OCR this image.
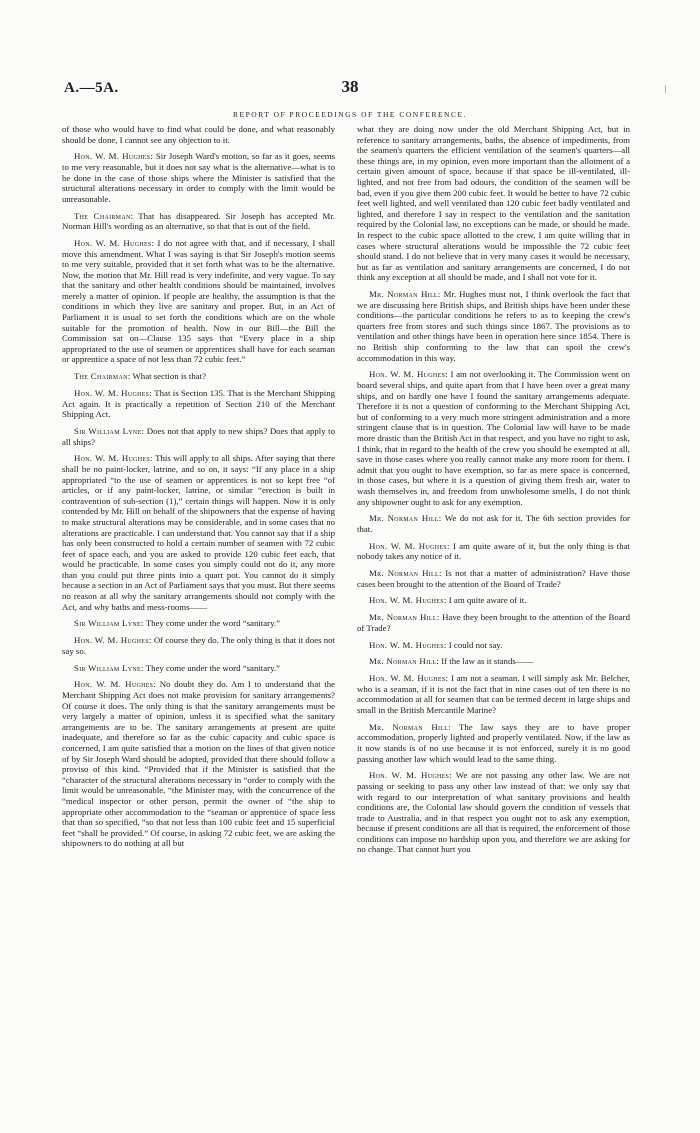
A.—5A.	38	/
REPORT OF PROCEEDINGS OF THE CONFERENCE.

of those who would have to find what could be done, and what reasonably should be done, I cannot see any objection to it.

Hon. W. M. Hughes: Sir Joseph Ward's motion, so far as it goes, seems to me very reasonable, but it does not say what is the alternative—what is to be done in the case of those ships where the Minister is satisfied that the structural alterations necessary in order to comply with the limit would be unreasonable.

The Chairman: That has disappeared. Sir Joseph has accepted Mr. Norman Hill's wording as an alternative, so that that is out of the field.

Hon. W. M. Hughes: I do not agree with that, and if necessary, I shall move this amendment. What I was saying is that Sir Joseph's motion seems to me very suitable, provided that it set forth what was to be the alternative. Now, the motion that Mr. Hill read is very indefinite, and very vague. To say that the sanitary and other health conditions should be maintained, involves merely a matter of opinion. If people are healthy, the assumption is that the conditions in which they live are sanitary and proper. But, in an Act of Parliament it is usual to set forth the conditions which are on the whole suitable for the promotion of health. Now in our Bill—the Bill the Commission sat on—Clause 135 says that “Every place in a ship appropriated to the use of seamen or apprentices shall have for each seaman or apprentice a space of not less than 72 cubic feet.”

The Chairman: What section is that?

Hon. W. M. Hughes: That is Section 135. That is the Merchant Shipping Act again. It is practically a repetition of Section 210 of the Merchant Shipping Act.

Sir William Lyne: Does not that apply to new ships? Does that apply to all ships?

Hon. W. M. Hughes: This will apply to all ships. After saying that there shall be no paint-locker, latrine, and so on, it says: “If any place in a ship appropriated “to the use of seamen or apprentices is not so kept free “of articles, or if any paint-locker, latrine, or similar “erection is built in contravention of sub-section (1),” certain things will happen. Now it is only contended by Mr. Hill on behalf of the shipowners that the expense of having to make structural alterations may be considerable, and in some cases that no alterations are practicable. I can understand that. You cannot say that if a ship has only been constructed to hold a certain number of seamen with 72 cubic feet of space each, and you are asked to provide 120 cubic feet each, that would be practicable. In some cases you simply could not do it, any more than you could put three pints into a quart pot. You cannot do it simply because a section in an Act of Parliament says that you must. But there seems no reason at all why the sanitary arrangements should not comply with the Act, and why baths and mess-rooms——

Sir William Lyne: They come under the word “sanitary.”

Hon. W. M. Hughes: Of course they do. The only thing is that it does not say so.

Sir William Lyne: They come under the word “sanitary.”

Hon. W. M. Hughes: No doubt they do. Am I to understand that the Merchant Shipping Act does not make provision for sanitary arrangements? Of course it does. The only thing is that the sanitary arrangements must be very largely a matter of opinion, unless it is specified what the sanitary arrangements are to be. The sanitary arrangements at present are quite inadequate, and therefore so far as the cubic capacity and cubic space is concerned, I am quite satisfied that a motion on the lines of that given notice of by Sir Joseph Ward should be adopted, provided that there should follow a proviso of this kind. “Provided that if the Minister is satisfied that the “character of the structural alterations necessary in “order to comply with the limit would be unreasonable, “the Minister may, with the concurrence of the “medical inspector or other person, permit the owner of “the ship to appropriate other accommodation to the “seaman or apprentice of space less that than so specified, “so that not less than 100 cubic feet and 15 superficial feet “shall be provided.” Of course, in asking 72 cubic feet, we are asking the shipowners to do nothing at all but

what they are doing now under the old Merchant Shipping Act, but in reference to sanitary arrangements, baths, the absence of impediments, from the seamen's quarters the efficient ventilation of the seamen's quarters—all these things are, in my opinion, even more important than the allotment of a certain given amount of space, because if that space be ill-ventilated, ill-lighted, and not free from bad odours, the condition of the seamen will be bad, even if you give them 200 cubic feet. It would be better to have 72 cubic feet well lighted, and well ventilated than 120 cubic feet badly ventilated and lighted, and therefore I say in respect to the ventilation and the sanitation required by the Colonial law, no exceptions can be made, or should be made. In respect to the cubic space allotted to the crew, I am quite willing that in cases where structural alterations would be impossible the 72 cubic feet should stand. I do not believe that in very many cases it would be necessary, but as far as ventilation and sanitary arrangements are concerned, I do not think any exception at all should be made, and I shall not vote for it.

Mr. Norman Hill: Mr. Hughes must not, I think overlook the fact that we are discussing here British ships, and British ships have been under these conditions—the particular conditions he refers to as to keeping the crew's quarters free from stores and such things since 1867. The provisions as to ventilation and other things have been in operation here since 1854. There is no British ship conforming to the law that can spoil the crew's accommodation in this way.

Hon. W. M. Hughes: I am not overlooking it. The Commission went on board several ships, and quite apart from that I have been over a great many ships, and on hardly one have I found the sanitary arrangements adequate. Therefore it is not a question of conforming to the Merchant Shipping Act, but of conforming to a very much more stringent administration and a more stringent clause that is in question. The Colonial law will have to be made more drastic than the British Act in that respect, and you have no right to ask, I think, that in regard to the health of the crew you should be exempted at all, save in those cases where you really cannot make any more room for them. I admit that you ought to have exemption, so far as mere space is concerned, in those cases, but where it is a question of giving them fresh air, water to wash themselves in, and freedom from unwholesome smells, I do not think any shipowner ought to ask for any exemption.

Mr. Norman Hill: We do not ask for it. The 6th section provides for that.

Hon. W. M. Hughes: I am quite aware of it, but the only thing is that nobody takes any notice of it.

Mr. Norman Hill: Is not that a matter of administration? Have those cases been brought to the attention of the Board of Trade?

Hon. W. M. Hughes: I am quite aware of it.

Mr. Norman Hill: Have they been brought to the attention of the Board of Trade?

Hon. W. M. Hughes: I could not say.

Mr. Norman Hill: If the law as it stands——

Hon. W. M. Hughes: I am not a seaman. I will simply ask Mr. Belcher, who is a seaman, if it is not the fact that in nine cases out of ten there is no accommodation at all for seamen that can be termed decent in large ships and small in the British Mercantile Marine?

Mr. Norman Hill: The law says they are to have proper accommodation, properly lighted and properly ventilated. Now, if the law as it now stands is of no use because it is not enforced, surely it is no good passing another law which would lead to the same thing.

Hon. W. M. Hughes: We are not passing any other law. We are not passing or seeking to pass any other law instead of that: we only say that with regard to our interpretation of what sanitary provisions and health conditions are, the Colonial law should govern the condition of vessels that trade to Australia, and in that respect you ought not to ask any exemption, because if present conditions are all that is required, the enforcement of those conditions can impose no hardship upon you, and therefore we are asking for no change. That cannot hurt you
